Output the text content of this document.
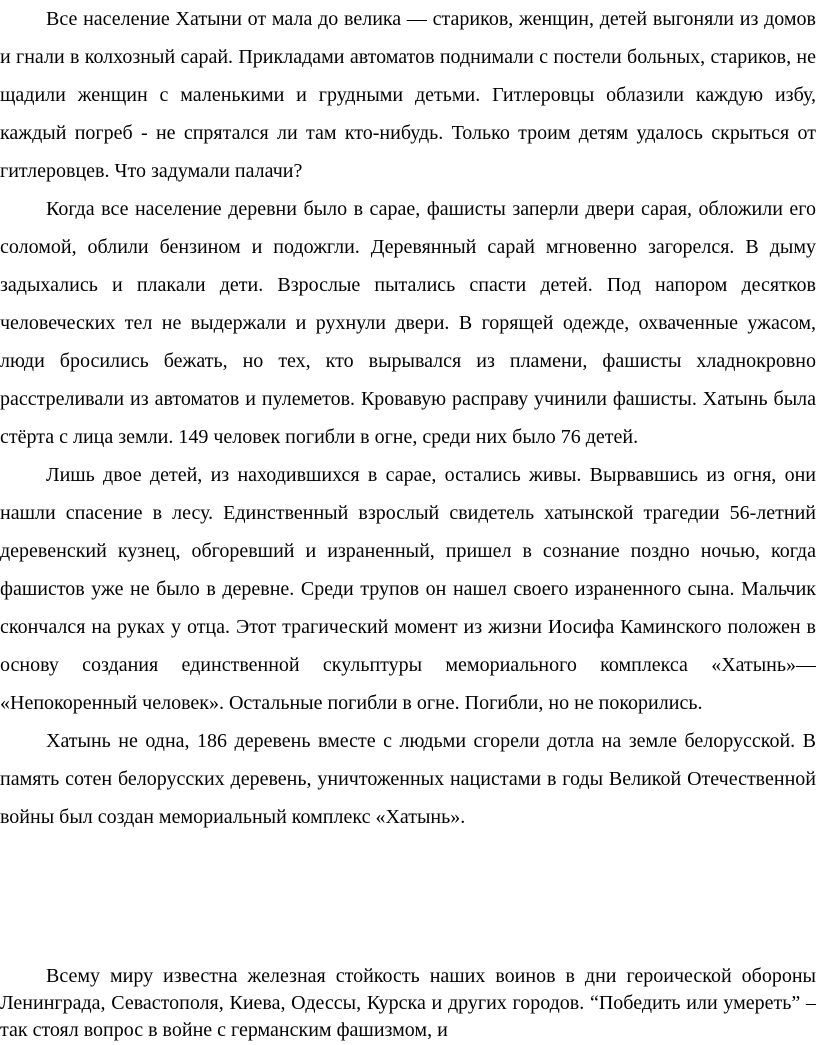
Все население Хатыни от мала до велика — стариков, женщин, детей выгоняли из домов и гнали в колхозный сарай. Прикладами автоматов поднимали с постели больных, стариков, не щадили женщин с маленькими и грудными детьми. Гитлеровцы облазили каждую избу, каждый погреб - не спрятался ли там кто-нибудь. Только троим детям удалось скрыться от гитлеровцев. Что задумали палачи?

Когда все население деревни было в сарае, фашисты заперли двери сарая, обложили его соломой, облили бензином и подожгли. Деревянный сарай мгновенно загорелся. В дыму задыхались и плакали дети. Взрослые пытались спасти детей. Под напором десятков человеческих тел не выдержали и рухнули двери. В горящей одежде, охваченные ужасом, люди бросились бежать, но тех, кто вырывался из пламени, фашисты хладнокровно расстреливали из автоматов и пулеметов. Кровавую расправу учинили фашисты. Хатынь была стёрта с лица земли. 149 человек погибли в огне, среди них было 76 детей.

Лишь двое детей, из находившихся в сарае, остались живы. Вырвавшись из огня, они нашли спасение в лесу. Единственный взрослый свидетель хатынской трагедии 56-летний деревенский кузнец, обгоревший и израненный, пришел в сознание поздно ночью, когда фашистов уже не было в деревне. Среди трупов он нашел своего израненного сына. Мальчик скончался на руках у отца. Этот трагический момент из жизни Иосифа Каминского положен в основу создания единственной скульптуры мемориального комплекса «Хатынь»— «Непокоренный человек». Остальные погибли в огне. Погибли, но не покорились.

Хатынь не одна, 186 деревень вместе с людьми сгорели дотла на земле белорусской. В память сотен белорусских деревень, уничтоженных нацистами в годы Великой Отечественной войны был создан мемориальный комплекс «Хатынь».

Всему миру известна железная стойкость наших воинов в дни героической обороны Ленинграда, Севастополя, Киева, Одессы, Курска и других городов. “Победить или умереть” – так стоял вопрос в войне с германским фашизмом, и
